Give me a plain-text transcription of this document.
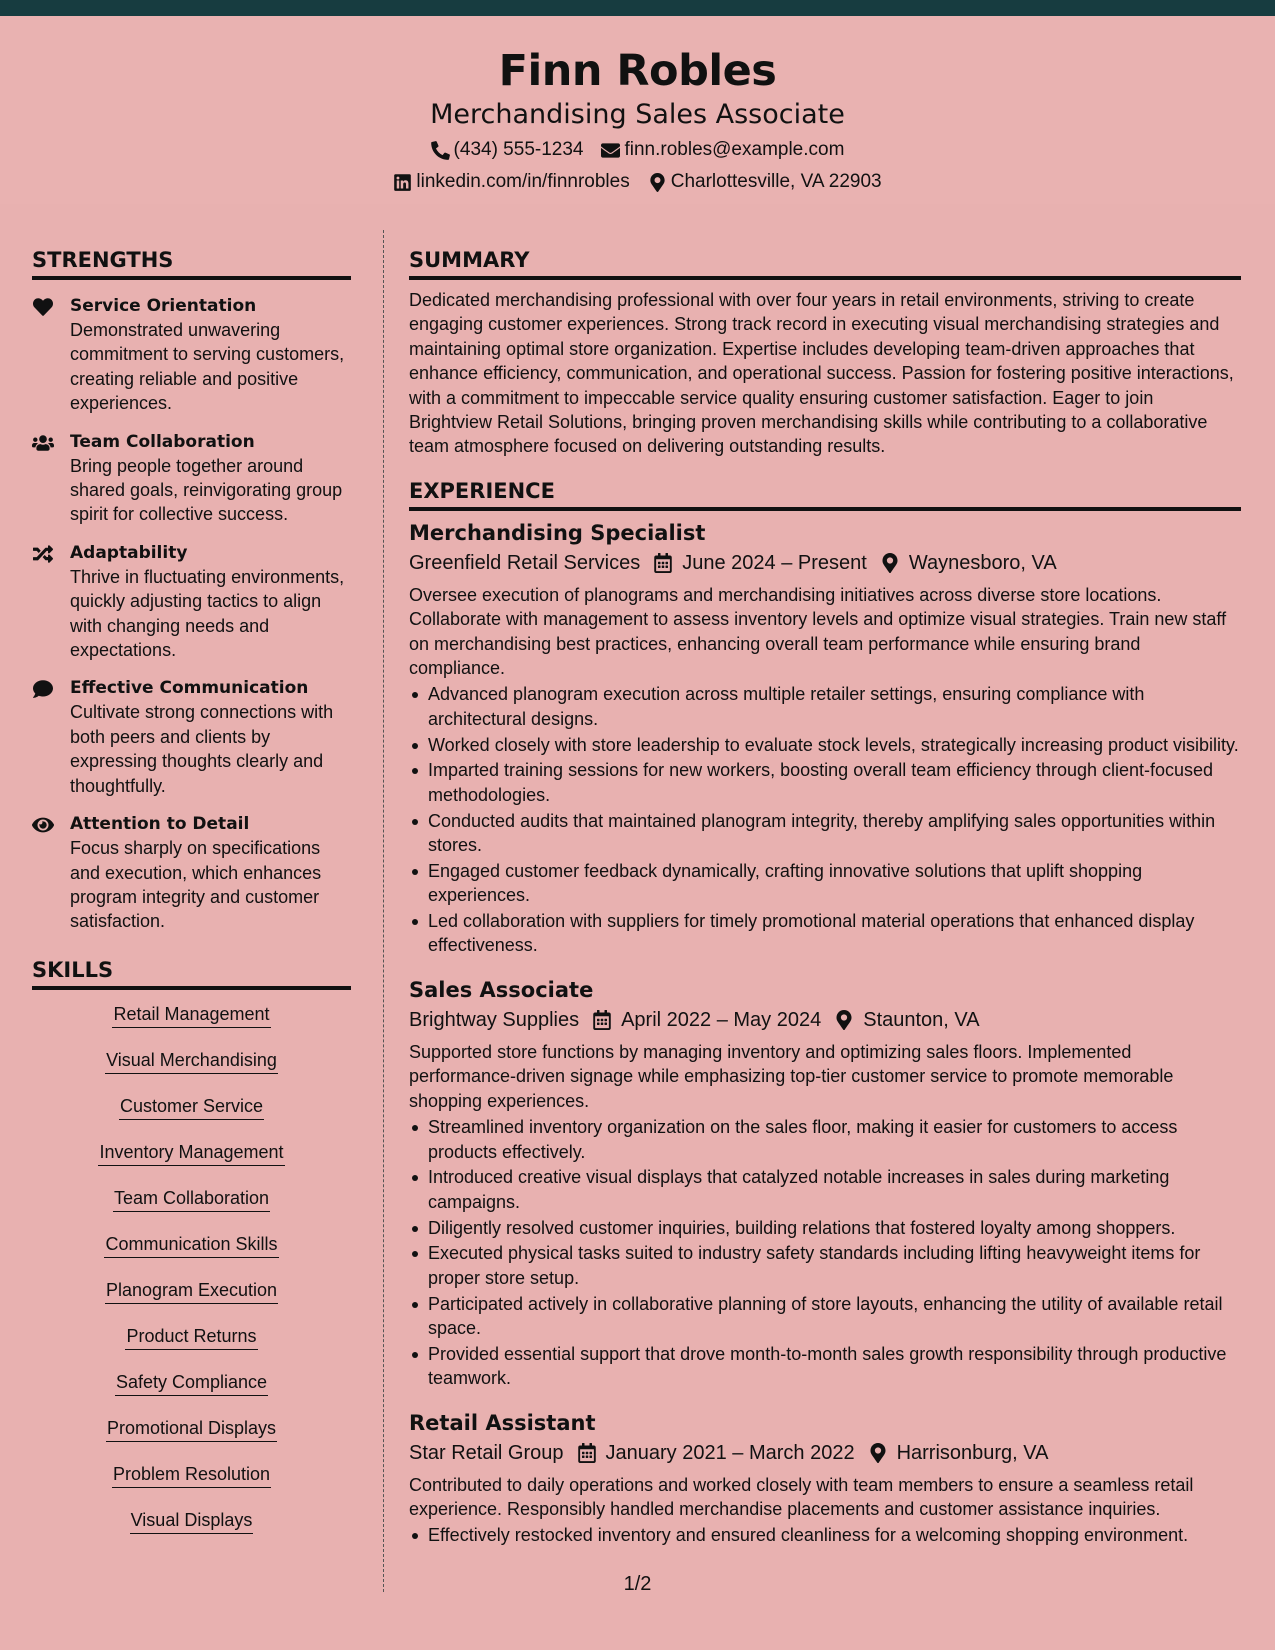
Finn Robles
Merchandising Sales Associate
(434) 555-1234 finn.robles@example.com
linkedin.com/in/finnrobles Charlottesville, VA 22903
STRENGTHS
Service Orientation
Demonstrated unwavering commitment to serving customers, creating reliable and positive experiences.
Team Collaboration
Bring people together around shared goals, reinvigorating group spirit for collective success.
Adaptability
Thrive in fluctuating environments, quickly adjusting tactics to align with changing needs and expectations.
Effective Communication
Cultivate strong connections with both peers and clients by expressing thoughts clearly and thoughtfully.
Attention to Detail
Focus sharply on specifications and execution, which enhances program integrity and customer satisfaction.
SKILLS
Retail Management
Visual Merchandising
Customer Service
Inventory Management
Team Collaboration
Communication Skills
Planogram Execution
Product Returns
Safety Compliance
Promotional Displays
Problem Resolution
Visual Displays
SUMMARY
Dedicated merchandising professional with over four years in retail environments, striving to create engaging customer experiences. Strong track record in executing visual merchandising strategies and maintaining optimal store organization. Expertise includes developing team-driven approaches that enhance efficiency, communication, and operational success. Passion for fostering positive interactions, with a commitment to impeccable service quality ensuring customer satisfaction. Eager to join Brightview Retail Solutions, bringing proven merchandising skills while contributing to a collaborative team atmosphere focused on delivering outstanding results.
EXPERIENCE
Merchandising Specialist
Greenfield Retail Services June 2024 – Present Waynesboro, VA
Oversee execution of planograms and merchandising initiatives across diverse store locations. Collaborate with management to assess inventory levels and optimize visual strategies. Train new staff on merchandising best practices, enhancing overall team performance while ensuring brand compliance.
Advanced planogram execution across multiple retailer settings, ensuring compliance with architectural designs.
Worked closely with store leadership to evaluate stock levels, strategically increasing product visibility.
Imparted training sessions for new workers, boosting overall team efficiency through client-focused methodologies.
Conducted audits that maintained planogram integrity, thereby amplifying sales opportunities within stores.
Engaged customer feedback dynamically, crafting innovative solutions that uplift shopping experiences.
Led collaboration with suppliers for timely promotional material operations that enhanced display effectiveness.
Sales Associate
Brightway Supplies April 2022 – May 2024 Staunton, VA
Supported store functions by managing inventory and optimizing sales floors. Implemented performance-driven signage while emphasizing top-tier customer service to promote memorable shopping experiences.
Streamlined inventory organization on the sales floor, making it easier for customers to access products effectively.
Introduced creative visual displays that catalyzed notable increases in sales during marketing campaigns.
Diligently resolved customer inquiries, building relations that fostered loyalty among shoppers.
Executed physical tasks suited to industry safety standards including lifting heavyweight items for proper store setup.
Participated actively in collaborative planning of store layouts, enhancing the utility of available retail space.
Provided essential support that drove month-to-month sales growth responsibility through productive teamwork.
Retail Assistant
Star Retail Group January 2021 – March 2022 Harrisonburg, VA
Contributed to daily operations and worked closely with team members to ensure a seamless retail experience. Responsibly handled merchandise placements and customer assistance inquiries.
Effectively restocked inventory and ensured cleanliness for a welcoming shopping environment.
1/2
